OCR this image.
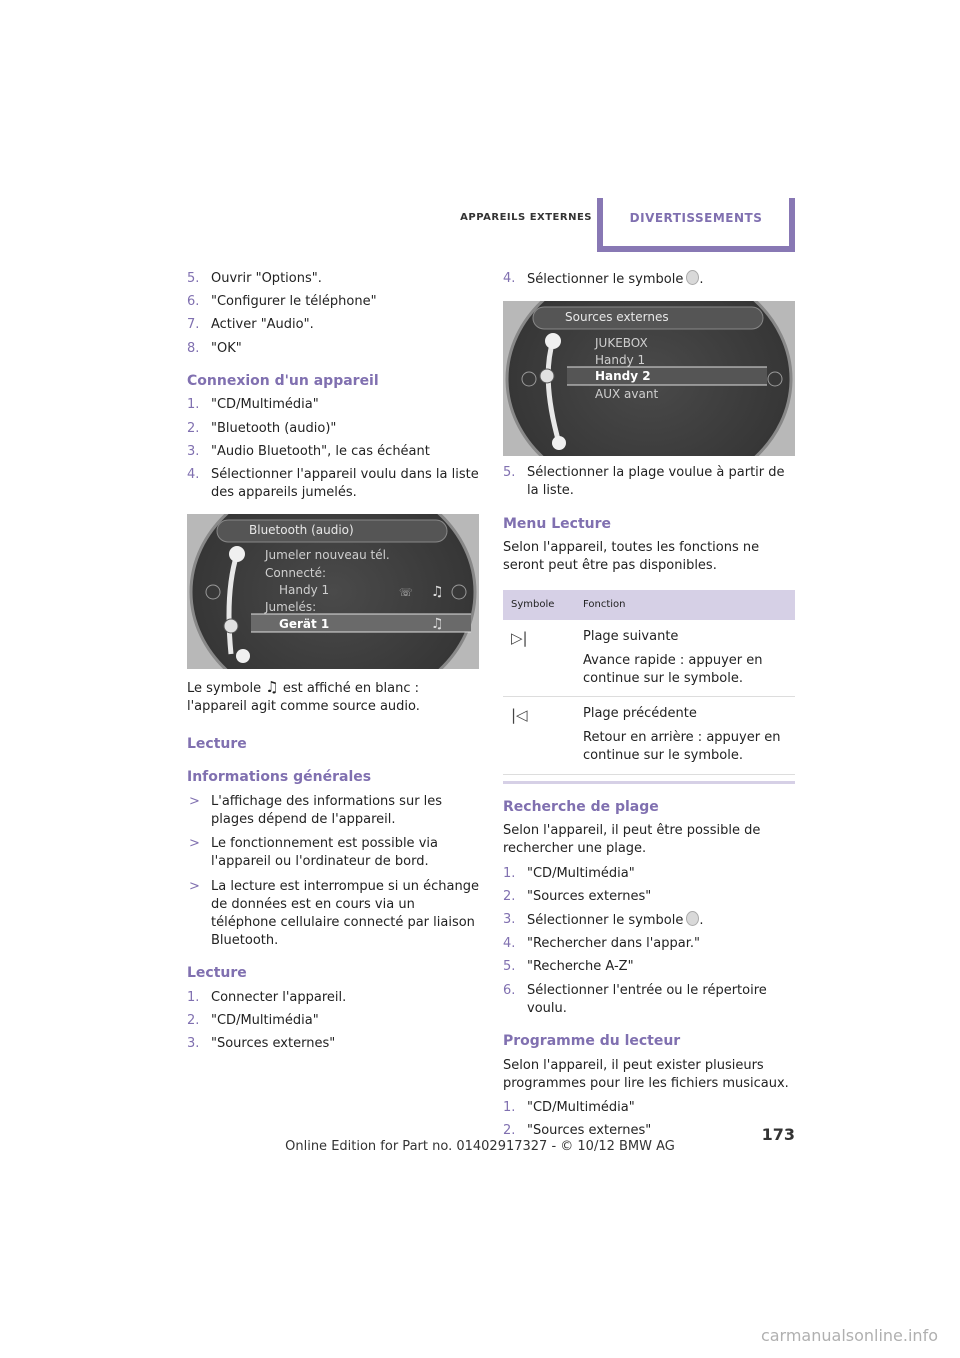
APPAREILS EXTERNES	DIVERTISSEMENTS
5. Ouvrir "Options".
6. "Configurer le téléphone"
7. Activer "Audio".
8. "OK"
Connexion d'un appareil
1. "CD/Multimédia"
2. "Bluetooth (audio)"
3. "Audio Bluetooth", le cas échéant
4. Sélectionner l'appareil voulu dans la liste des appareils jumelés.
♫
♫
☏
Bluetooth (audio)
Jumeler nouveau tél.
Connecté:
Handy 1
Jumelés:
Gerät 1
Le symbole ♫ est affiché en blanc : l'appareil agit comme source audio.
Lecture
Informations générales
> L'affichage des informations sur les plages dépend de l'appareil.
> Le fonctionnement est possible via l'appareil ou l'ordinateur de bord.
> La lecture est interrompue si un échange de données est en cours via un téléphone cellulaire connecté par liaison Bluetooth.
Lecture
1. Connecter l'appareil.
2. "CD/Multimédia"
3. "Sources externes"
4. Sélectionner le symbole .
Sources externes
JUKEBOX
Handy 1
Handy 2
AUX avant
5. Sélectionner la plage voulue à partir de la liste.
Menu Lecture
Selon l'appareil, toutes les fonctions ne seront peut être pas disponibles.
Symbole	Fonction
▷|	Plage suivante
Avance rapide : appuyer en continue sur le symbole.

|◁	Plage précédente
Retour en arrière : appuyer en continue sur le symbole.
Recherche de plage
Selon l'appareil, il peut être possible de rechercher une plage.
1. "CD/Multimédia"
2. "Sources externes"
3. Sélectionner le symbole .
4. "Rechercher dans l'appar."
5. "Recherche A-Z"
6. Sélectionner l'entrée ou le répertoire voulu.
Programme du lecteur
Selon l'appareil, il peut exister plusieurs programmes pour lire les fichiers musicaux.
1. "CD/Multimédia"
2. "Sources externes"	173
Online Edition for Part no. 01402917327 - © 10/12 BMW AG
carmanualsonline.info
